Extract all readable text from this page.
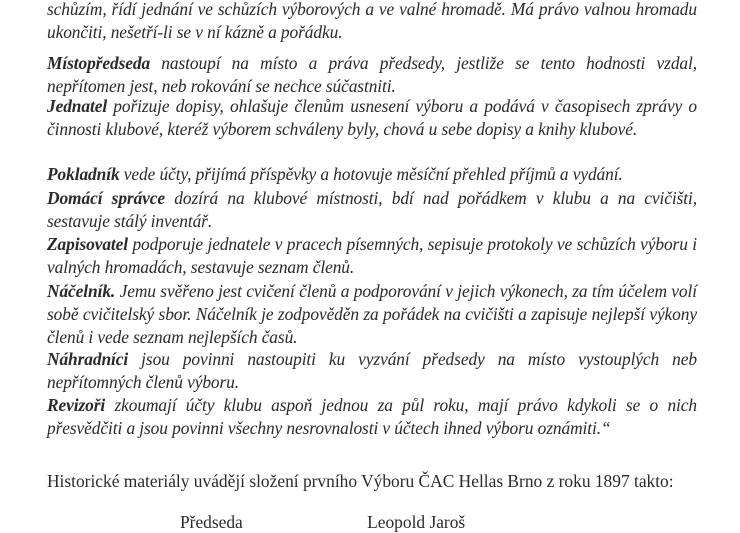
schůzím, řídí jednání ve schůzích výborových a ve valné hromadě. Má právo valnou hromadu ukončiti, nešetří-li se v ní kázně a pořádku.

Místopředseda nastoupí na místo a práva předsedy, jestliže se tento hodnosti vzdal, nepřítomen jest, neb rokování se nechce súčastniti.

Jednatel pořizuje dopisy, ohlašuje členům usnesení výboru a podává v časopisech zprávy o činnosti klubové, kteréž výborem schváleny byly, chová u sebe dopisy a knihy klubové.

Pokladník vede účty, přijímá příspěvky a hotovuje měsíční přehled příjmů a vydání.

Domácí správce dozírá na klubové místnosti, bdí nad pořádkem v klubu a na cvičišti, sestavuje stálý inventář.

Zapisovatel podporuje jednatele v pracech písemných, sepisuje protokoly ve schůzích výboru i valných hromadách, sestavuje seznam členů.

Náčelník. Jemu svěřeno jest cvičení členů a podporování v jejich výkonech, za tím účelem volí sobě cvičitelský sbor. Náčelník je zodpověděn za pořádek na cvičišti a zapisuje nejlepší výkony členů i vede seznam nejlepších časů.

Náhradníci jsou povinni nastoupiti ku vyzvání předsedy na místo vystouplých neb nepřítomných členů výboru.

Revizoři zkoumají účty klubu aspoň jednou za půl roku, mají právo kdykoli se o nich přesvědčiti a jsou povinni všechny nesrovnalosti v účtech ihned výboru oznámiti.“

Historické materiály uvádějí složení prvního Výboru ČAC Hellas Brno z roku 1897 takto:

Předseda	Leopold Jaroš
